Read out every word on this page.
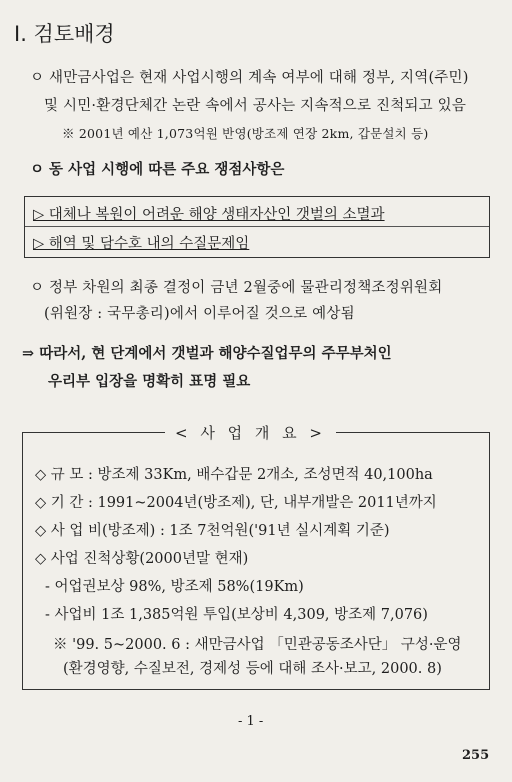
Ⅰ. 검토배경
ㅇ 새만금사업은 현재 사업시행의 계속 여부에 대해 정부, 지역(주민)
및 시민·환경단체간 논란 속에서 공사는 지속적으로 진척되고 있음
※ 2001년 예산 1,073억원 반영(방조제 연장 2km, 갑문설치 등)
ㅇ 동 사업 시행에 따른 주요 쟁점사항은
▷ 대체나 복원이 어려운 해양 생태자산인 갯벌의 소멸과
▷ 해역 및 담수호 내의 수질문제임
ㅇ 정부 차원의 최종 결정이 금년 2월중에 물관리정책조정위원회
(위원장 : 국무총리)에서 이루어질 것으로 예상됨
⇒ 따라서, 현 단계에서 갯벌과 해양수질업무의 주무부처인
우리부 입장을 명확히 표명 필요
< 사 업 개 요 >
◇ 규 모 : 방조제 33Km, 배수갑문 2개소, 조성면적 40,100ha
◇ 기 간 : 1991~2004년(방조제), 단, 내부개발은 2011년까지
◇ 사 업 비(방조제) : 1조 7천억원('91년 실시계획 기준)
◇ 사업 진척상황(2000년말 현재)
- 어업권보상 98%, 방조제 58%(19Km)
- 사업비 1조 1,385억원 투입(보상비 4,309, 방조제 7,076)
※ '99. 5~2000. 6 : 새만금사업 「민관공동조사단」 구성·운영
(환경영향, 수질보전, 경제성 등에 대해 조사·보고, 2000. 8)
- 1 -
255
